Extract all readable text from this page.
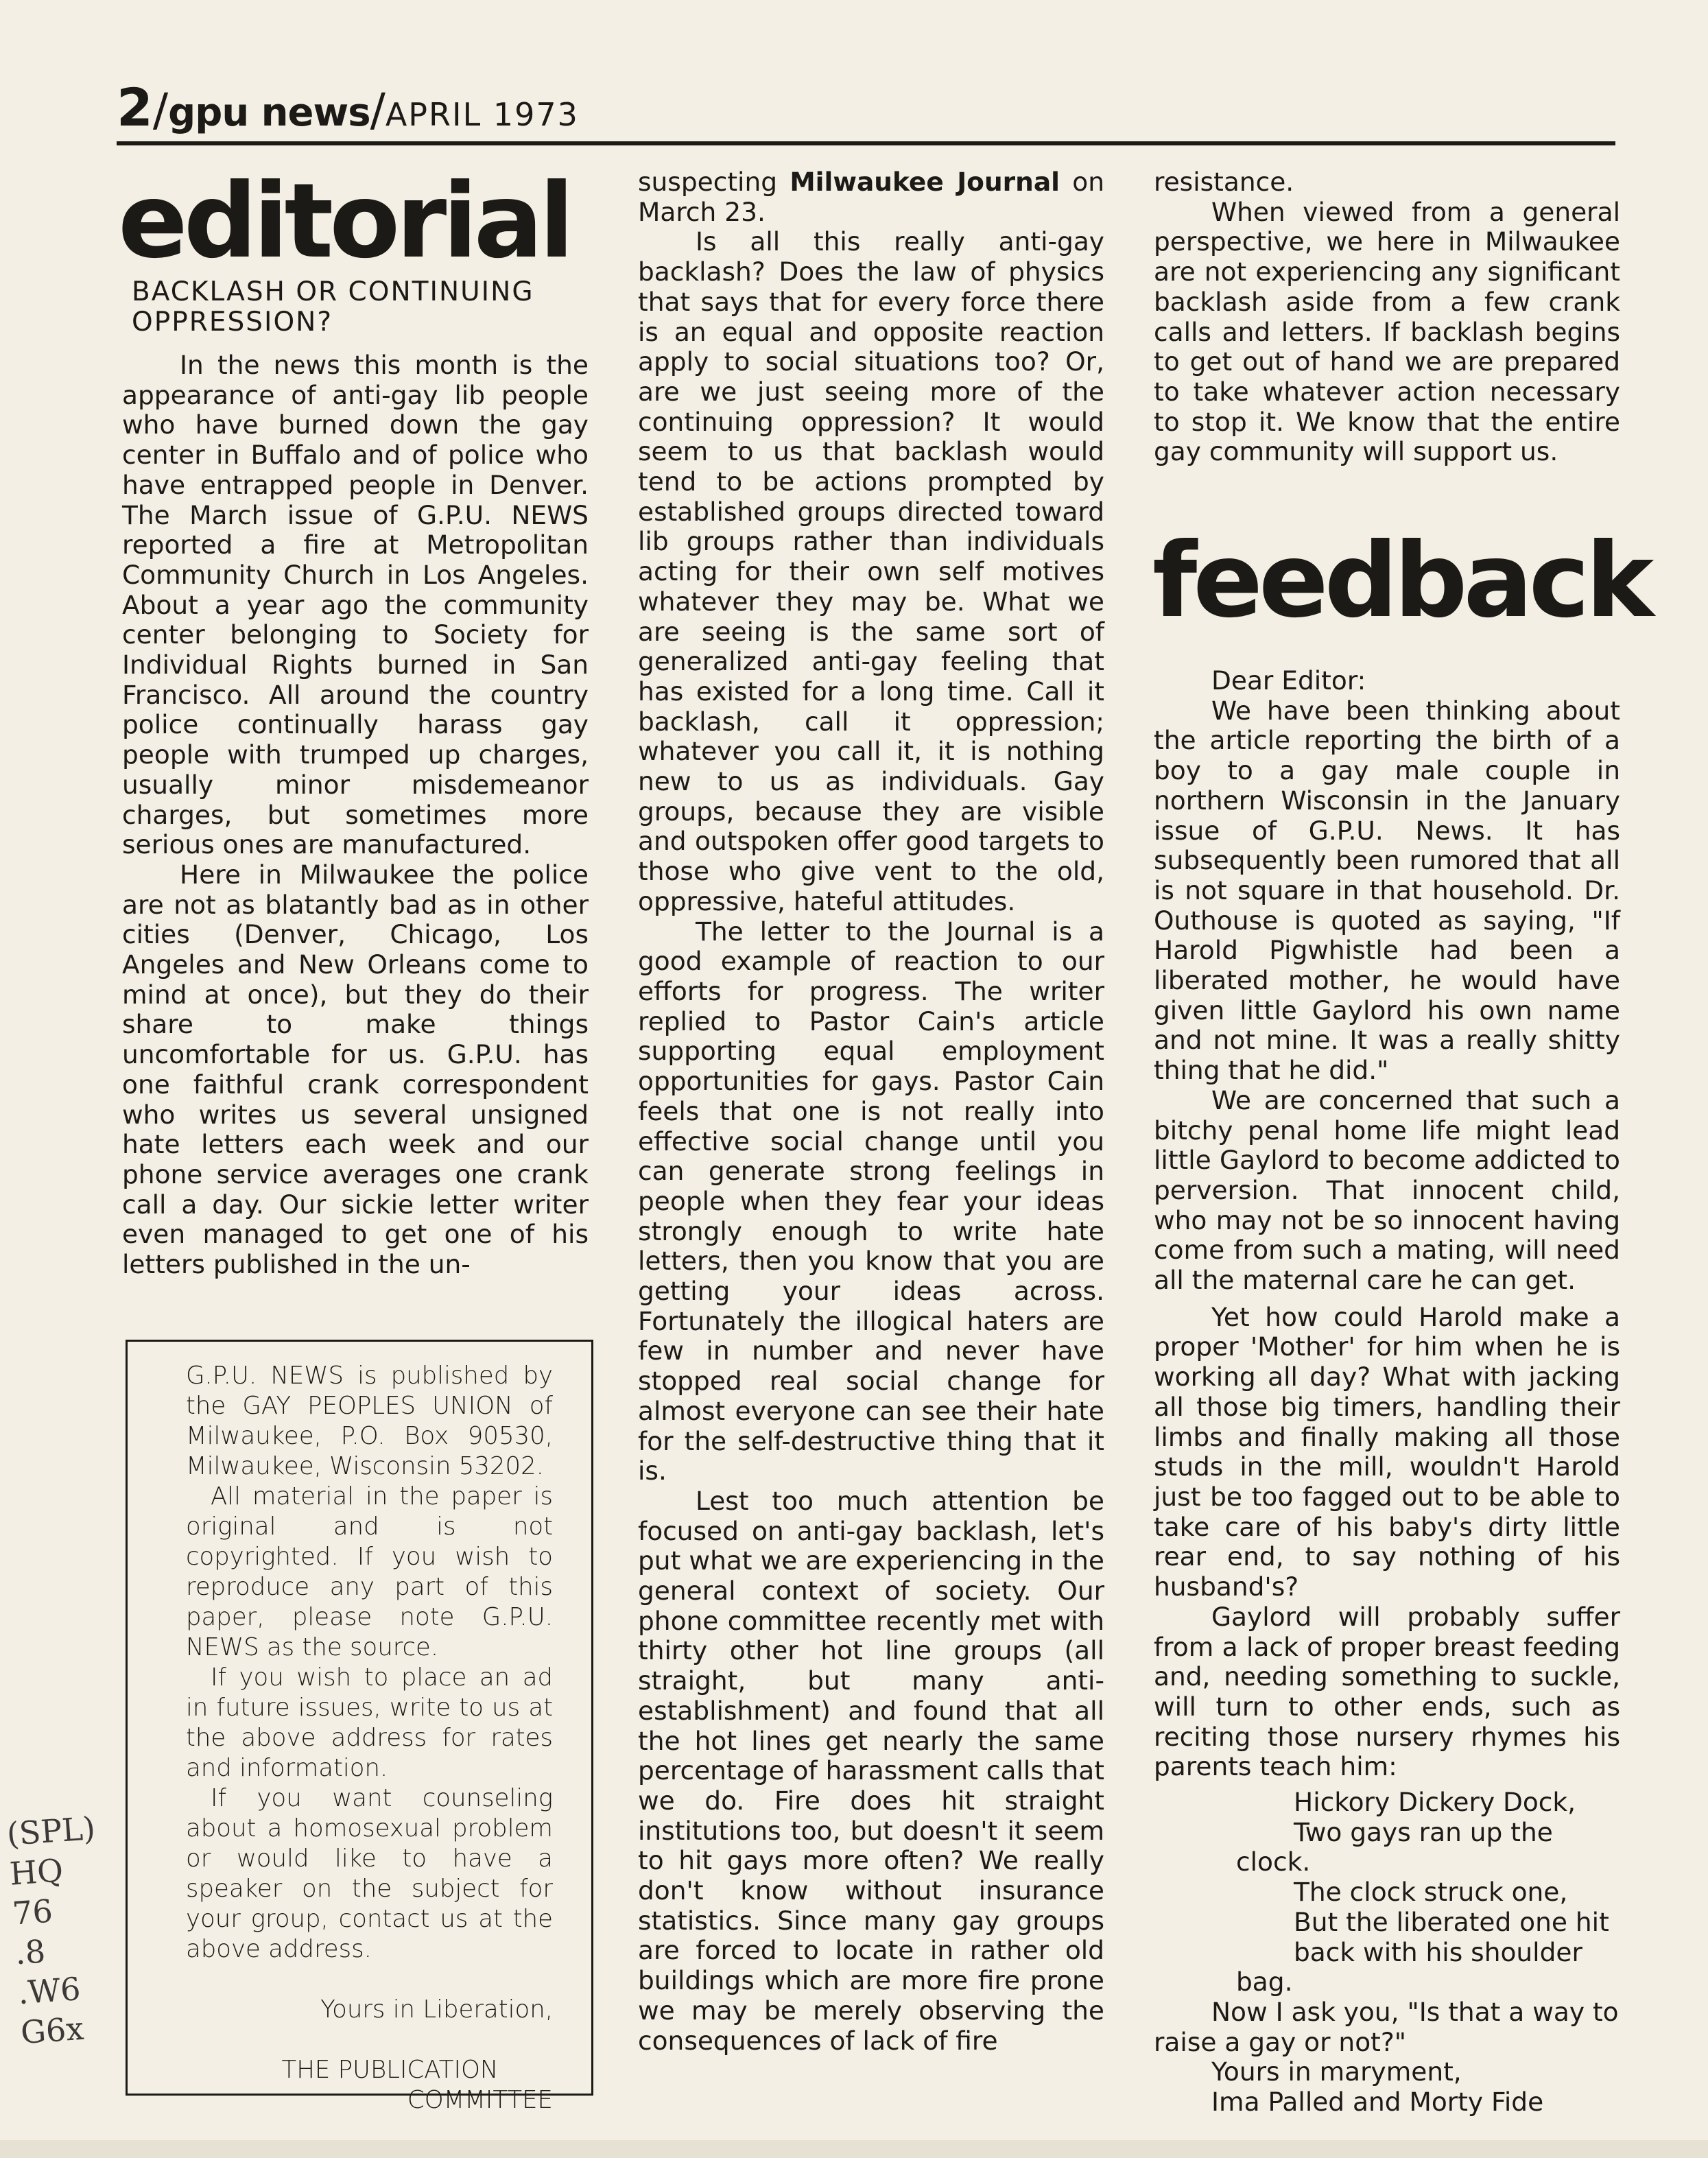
2/gpu news/APRIL 1973
editorial
BACKLASH OR CONTINUING OPPRESSION?

In the news this month is the appearance of anti-gay lib people who have burned down the gay center in Buffalo and of police who have entrapped people in Denver. The March issue of G.P.U. NEWS reported a fire at Metropolitan Community Church in Los Angeles. About a year ago the community center belonging to Society for Individual Rights burned in San Francisco. All around the country police continually harass gay people with trumped up charges, usually minor misdemeanor charges, but sometimes more serious ones are manufactured.

Here in Milwaukee the police are not as blatantly bad as in other cities (Denver, Chicago, Los Angeles and New Orleans come to mind at once), but they do their share to make things uncomfortable for us. G.P.U. has one faithful crank correspondent who writes us several unsigned hate letters each week and our phone service averages one crank call a day. Our sickie letter writer even managed to get one of his letters published in the un-

G.P.U. NEWS is published by the GAY PEOPLES UNION of Milwaukee, P.O. Box 90530, Milwaukee, Wisconsin 53202.

All material in the paper is original and is not copyrighted. If you wish to reproduce any part of this paper, please note G.P.U. NEWS as the source.

If you wish to place an ad in future issues, write to us at the above address for rates and information.

If you want counseling about a homosexual problem or would like to have a speaker on the subject for your group, contact us at the above address.

Yours in Liberation,

THE PUBLICATION

COMMITTEE

suspecting Milwaukee Journal on March 23.

Is all this really anti-gay backlash? Does the law of physics that says that for every force there is an equal and opposite reaction apply to social situations too? Or, are we just seeing more of the continuing oppression? It would seem to us that backlash would tend to be actions prompted by established groups directed toward lib groups rather than individuals acting for their own self motives whatever they may be. What we are seeing is the same sort of generalized anti-gay feeling that has existed for a long time. Call it backlash, call it oppression; whatever you call it, it is nothing new to us as individuals. Gay groups, because they are visible and outspoken offer good targets to those who give vent to the old, oppressive, hateful attitudes.

The letter to the Journal is a good example of reaction to our efforts for progress. The writer replied to Pastor Cain's article supporting equal employment opportunities for gays. Pastor Cain feels that one is not really into effective social change until you can generate strong feelings in people when they fear your ideas strongly enough to write hate letters, then you know that you are getting your ideas across. Fortunately the illogical haters are few in number and never have stopped real social change for almost everyone can see their hate for the self-destructive thing that it is.

Lest too much attention be focused on anti-gay backlash, let's put what we are experiencing in the general context of society. Our phone committee recently met with thirty other hot line groups (all straight, but many anti-establishment) and found that all the hot lines get nearly the same percentage of harassment calls that we do. Fire does hit straight institutions too, but doesn't it seem to hit gays more often? We really don't know without insurance statistics. Since many gay groups are forced to locate in rather old buildings which are more fire prone we may be merely observing the consequences of lack of fire

resistance.

When viewed from a general perspective, we here in Milwaukee are not experiencing any significant backlash aside from a few crank calls and letters. If backlash begins to get out of hand we are prepared to take whatever action necessary to stop it. We know that the entire gay community will support us.

feedback

Dear Editor:

We have been thinking about the article reporting the birth of a boy to a gay male couple in northern Wisconsin in the January issue of G.P.U. News. It has subsequently been rumored that all is not square in that household. Dr. Outhouse is quoted as saying, "If Harold Pigwhistle had been a liberated mother, he would have given little Gaylord his own name and not mine. It was a really shitty thing that he did."

We are concerned that such a bitchy penal home life might lead little Gaylord to become addicted to perversion. That innocent child, who may not be so innocent having come from such a mating, will need all the maternal care he can get.

Yet how could Harold make a proper 'Mother' for him when he is working all day? What with jacking all those big timers, handling their limbs and finally making all those studs in the mill, wouldn't Harold just be too fagged out to be able to take care of his baby's dirty little rear end, to say nothing of his husband's?

Gaylord will probably suffer from a lack of proper breast feeding and, needing something to suckle, will turn to other ends, such as reciting those nursery rhymes his parents teach him:

Hickory Dickery Dock,

Two gays ran up the clock.

The clock struck one,

But the liberated one hit

back with his shoulder bag.

Now I ask you, "Is that a way to raise a gay or not?"

Yours in maryment,

Ima Palled and Morty Fide

(SPL)
HQ
76
.8
.W6
G6x
